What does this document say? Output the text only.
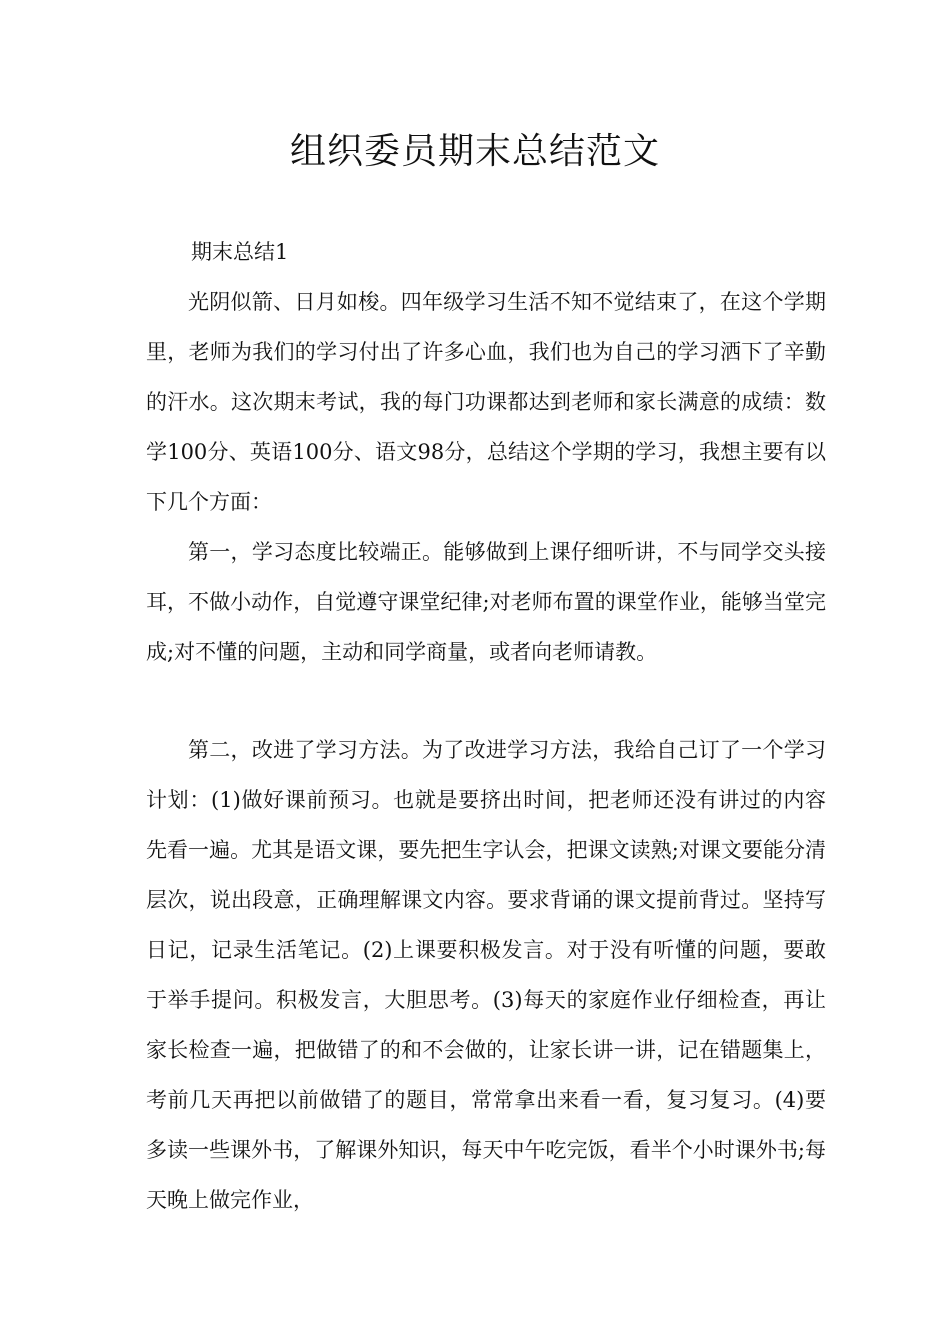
组织委员期末总结范文

期末总结1

光阴似箭、日月如梭。四年级学习生活不知不觉结束了，在这个学期里，老师为我们的学习付出了许多心血，我们也为自己的学习洒下了辛勤的汗水。这次期末考试，我的每门功课都达到老师和家长满意的成绩：数学100分、英语100分、语文98分，总结这个学期的学习，我想主要有以下几个方面：

第一，学习态度比较端正。能够做到上课仔细听讲，不与同学交头接耳，不做小动作，自觉遵守课堂纪律;对老师布置的课堂作业，能够当堂完成;对不懂的问题，主动和同学商量，或者向老师请教。

第二，改进了学习方法。为了改进学习方法，我给自己订了一个学习计划：(1)做好课前预习。也就是要挤出时间，把老师还没有讲过的内容先看一遍。尤其是语文课，要先把生字认会，把课文读熟;对课文要能分清层次，说出段意，正确理解课文内容。要求背诵的课文提前背过。坚持写日记，记录生活笔记。(2)上课要积极发言。对于没有听懂的问题，要敢于举手提问。积极发言，大胆思考。(3)每天的家庭作业仔细检查，再让家长检查一遍，把做错了的和不会做的，让家长讲一讲，记在错题集上，考前几天再把以前做错了的题目，常常拿出来看一看，复习复习。(4)要多读一些课外书，了解课外知识，每天中午吃完饭，看半个小时课外书;每天晚上做完作业，
